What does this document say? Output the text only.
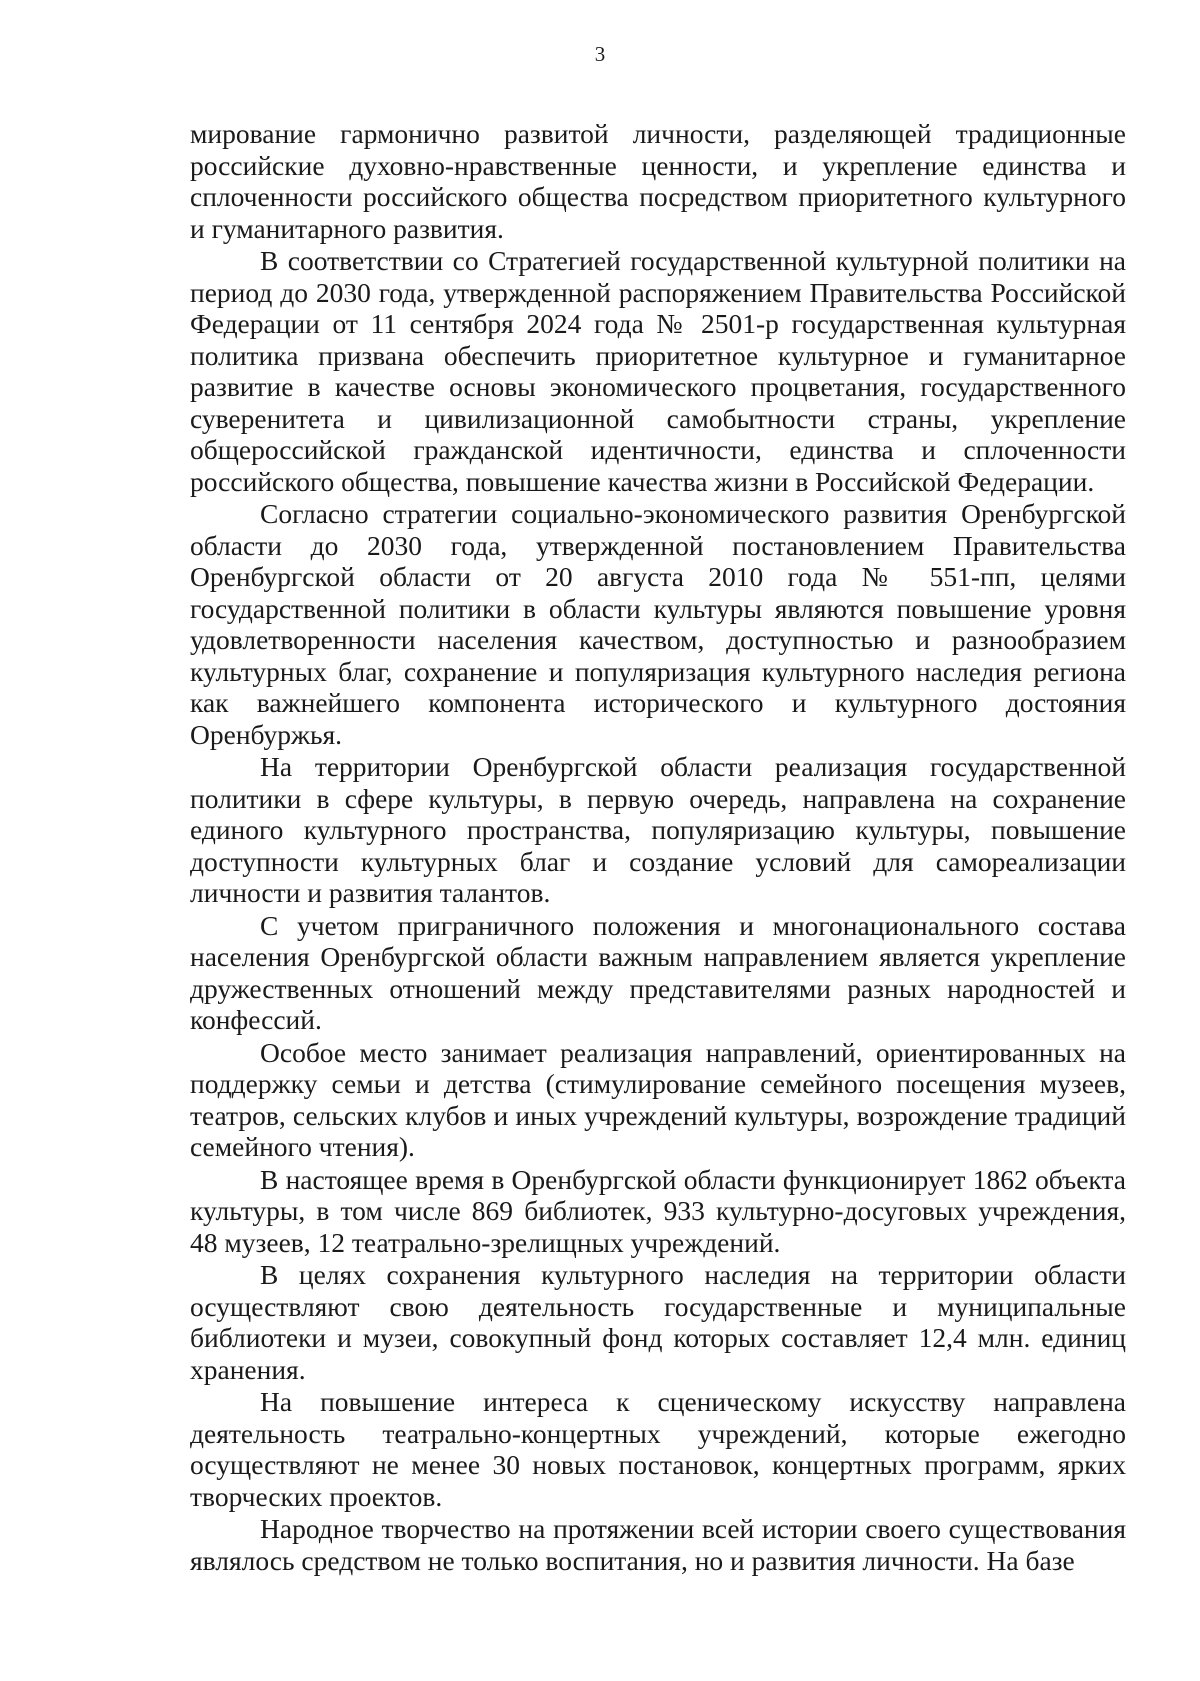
3

мирование гармонично развитой личности, разделяющей традиционные российские духовно-нравственные ценности, и укрепление единства и сплоченности российского общества посредством приоритетного культурного и гуманитарного развития.

В соответствии со Стратегией государственной культурной политики на период до 2030 года, утвержденной распоряжением Правительства Российской Федерации от 11 сентября 2024 года № 2501-р государственная культурная политика призвана обеспечить приоритетное культурное и гуманитарное развитие в качестве основы экономического процветания, государственного суверенитета и цивилизационной самобытности страны, укрепление общероссийской гражданской идентичности, единства и сплоченности российского общества, повышение качества жизни в Российской Федерации.

Согласно стратегии социально-экономического развития Оренбургской области до 2030 года, утвержденной постановлением Правительства Оренбургской области от 20 августа 2010 года № 551-пп, целями государственной политики в области культуры являются повышение уровня удовлетворенности населения качеством, доступностью и разнообразием культурных благ, сохранение и популяризация культурного наследия региона как важнейшего компонента исторического и культурного достояния Оренбуржья.

На территории Оренбургской области реализация государственной политики в сфере культуры, в первую очередь, направлена на сохранение единого культурного пространства, популяризацию культуры, повышение доступности культурных благ и создание условий для самореализации личности и развития талантов.

С учетом приграничного положения и многонационального состава населения Оренбургской области важным направлением является укрепление дружественных отношений между представителями разных народностей и конфессий.

Особое место занимает реализация направлений, ориентированных на поддержку семьи и детства (стимулирование семейного посещения музеев, театров, сельских клубов и иных учреждений культуры, возрождение традиций семейного чтения).

В настоящее время в Оренбургской области функционирует 1862 объекта культуры, в том числе 869 библиотек, 933 культурно-досуговых учреждения, 48 музеев, 12 театрально-зрелищных учреждений.

В целях сохранения культурного наследия на территории области осуществляют свою деятельность государственные и муниципальные библиотеки и музеи, совокупный фонд которых составляет 12,4 млн. единиц хранения.

На повышение интереса к сценическому искусству направлена деятельность театрально-концертных учреждений, которые ежегодно осуществляют не менее 30 новых постановок, концертных программ, ярких творческих проектов.

Народное творчество на протяжении всей истории своего существования являлось средством не только воспитания, но и развития личности. На базе
